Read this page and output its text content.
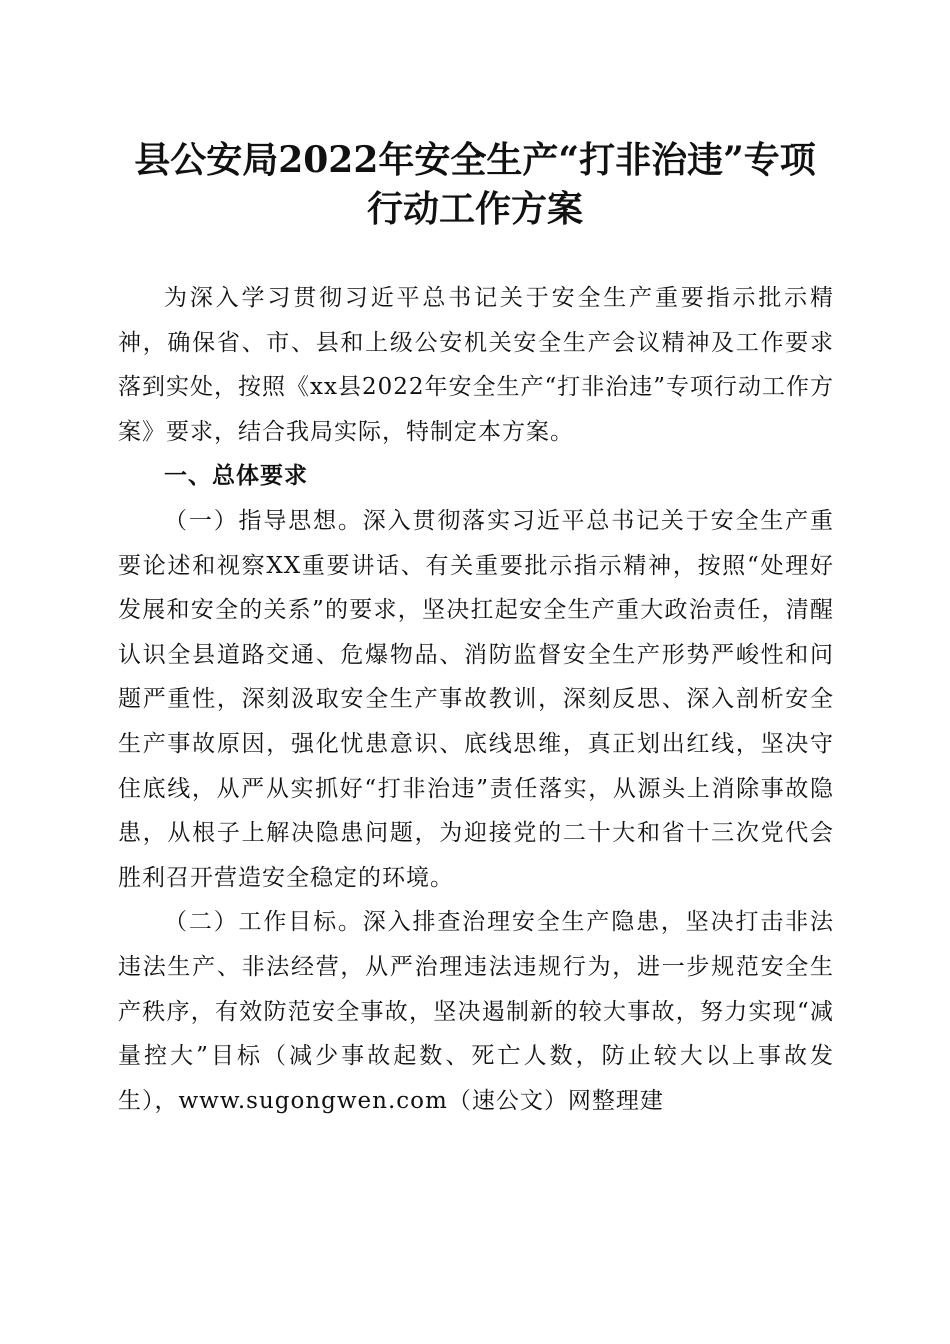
县公安局2022年安全生产“打非治违”专项
行动工作方案

为深入学习贯彻习近平总书记关于安全生产重要指示批示精神，确保省、市、县和上级公安机关安全生产会议精神及工作要求落到实处，按照《xx县2022年安全生产“打非治违”专项行动工作方案》要求，结合我局实际，特制定本方案。

一、总体要求

（一）指导思想。深入贯彻落实习近平总书记关于安全生产重要论述和视察XX重要讲话、有关重要批示指示精神，按照“处理好发展和安全的关系”的要求，坚决扛起安全生产重大政治责任，清醒认识全县道路交通、危爆物品、消防监督安全生产形势严峻性和问题严重性，深刻汲取安全生产事故教训，深刻反思、深入剖析安全生产事故原因，强化忧患意识、底线思维，真正划出红线，坚决守住底线，从严从实抓好“打非治违”责任落实，从源头上消除事故隐患，从根子上解决隐患问题，为迎接党的二十大和省十三次党代会胜利召开营造安全稳定的环境。

（二）工作目标。深入排查治理安全生产隐患，坚决打击非法违法生产、非法经营，从严治理违法违规行为，进一步规范安全生产秩序，有效防范安全事故，坚决遏制新的较大事故，努力实现“减量控大”目标（减少事故起数、死亡人数，防止较大以上事故发生），www.sugongwen.com（速公文）网整理建
